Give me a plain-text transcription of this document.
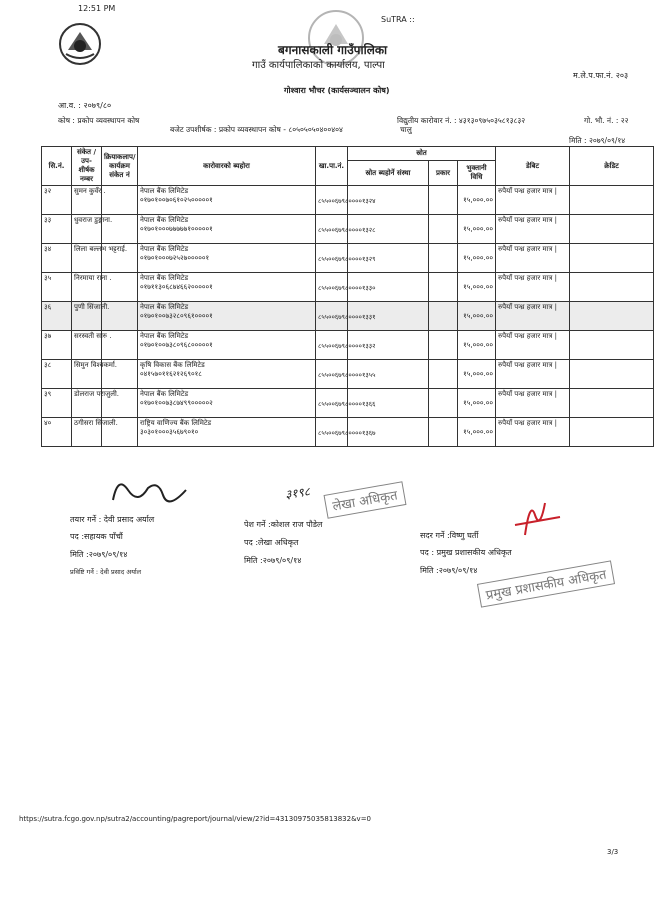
12:51 PM
SuTRA ::
बगनासकाली गाउँपालिका
गाउँ कार्यपालिकाको कार्यालय, पाल्पा
म.ले.प.फा.नं. २०३
गोश्वारा भौचर (कार्यसञ्चालन कोष)
आ.व. : २०७९/८०
कोष : प्रकोप व्यवस्थापन कोष
बजेट उपशीर्षक : प्रकोप व्यवस्थापन कोष - ८०५०५०५०४००४०४	चालु
विद्युतीय कारोवार नं. : ४३१३०९७५०३५८१३८३२	गो. भौ. नं. : २२
मिति : २०७९/०९/१४
सि.नं.	संकेत / उप-शीर्षक नम्बर	क्रियाकलाप/ कार्यक्रम संकेत नं	कारोवारको ब्यहोरा	खा.पा.नं.	स्रोत			डेबिट	क्रेडिट
					स्रोत ब्यहोर्ने संस्था	प्रकार	भुक्तानी विधि		
३२	सुमन कुवँर .		नेपाल बैंक लिमिटेड
०१७०१००७०६१०२५०००००१	८५५००६७९८००००१३२४			१५,०००.००	रुपैयाँ पन्ध्र हजार मात्र |	
३३	धुवराज डुङ्गाना.		नेपाल बैंक लिमिटेड
०१७०१०००७७७७७१०००००१	८५५००६७९८००००१३२८			१५,०००.००	रुपैयाँ पन्ध्र हजार मात्र |	
३४	लिला बल्लभ भट्टराई.		नेपाल बैंक लिमिटेड
०१७०१०००७२५२७०००००१	८५५००६७९८००००१३२९			१५,०००.००	रुपैयाँ पन्ध्र हजार मात्र |	
३५	निरमाया राना .		नेपाल बैंक लिमिटेड
०१७११३०६८७४६६२०००००१	८५५००६७९८००००१३३०			१५,०००.००	रुपैयाँ पन्ध्र हजार मात्र |	
३६	पुणी सिंजाली.		नेपाल बैंक लिमिटेड
०१७०१००७३२८०९६१००००१	८५५००६७९८००००१३३१			१५,०००.००	रुपैयाँ पन्ध्र हजार मात्र |	
३७	सरस्वती सारु .		नेपाल बैंक लिमिटेड
०१७०१००७३८०९६८०००००१	८५५००६७९८००००१३३२			१५,०००.००	रुपैयाँ पन्ध्र हजार मात्र |	
३८	सिमुन विश्वकर्मा.		कृषि विकास बैंक लिमिटेड
०४१५७०११६२१२६९०१८	८५५००६७९८००००१३५५			१५,०००.००	रुपैयाँ पन्ध्र हजार मात्र |	
३९	डोलराज पराजुली.		नेपाल बैंक लिमिटेड
०१७०१००७३८७४९९०००००२	८५५००६७९८००००१३६६			१५,०००.००	रुपैयाँ पन्ध्र हजार मात्र |	
४०	ठगीसरा सिंजाली.		राष्ट्रिय वाणिज्य बैंक लिमिटेड
३०३०१०००३५६७९०१०	८५५००६७९८००००१३६७			१५,०००.००	रुपैयाँ पन्ध्र हजार मात्र |	
तयार गर्ने : देवी प्रसाद अर्याल
पद :सहायक पाँचौं
मिति :२०७९/०९/१४
प्रविष्टि गर्ने : देवी प्रसाद अर्याल
३१९८	लेखा अधिकृत
पेश गर्ने :कोशल राज पौडेल
पद :लेखा अधिकृत
मिति :२०७९/०९/१४
सदर गर्ने :विष्णु घर्ती
पद : प्रमुख प्रशासकीय अधिकृत
मिति :२०७९/०९/१४ प्रमुख प्रशासकीय अधिकृत
https://sutra.fcgo.gov.np/sutra2/accounting/pagreport/journal/view/2?id=43130975035813832&v=0
3/3
